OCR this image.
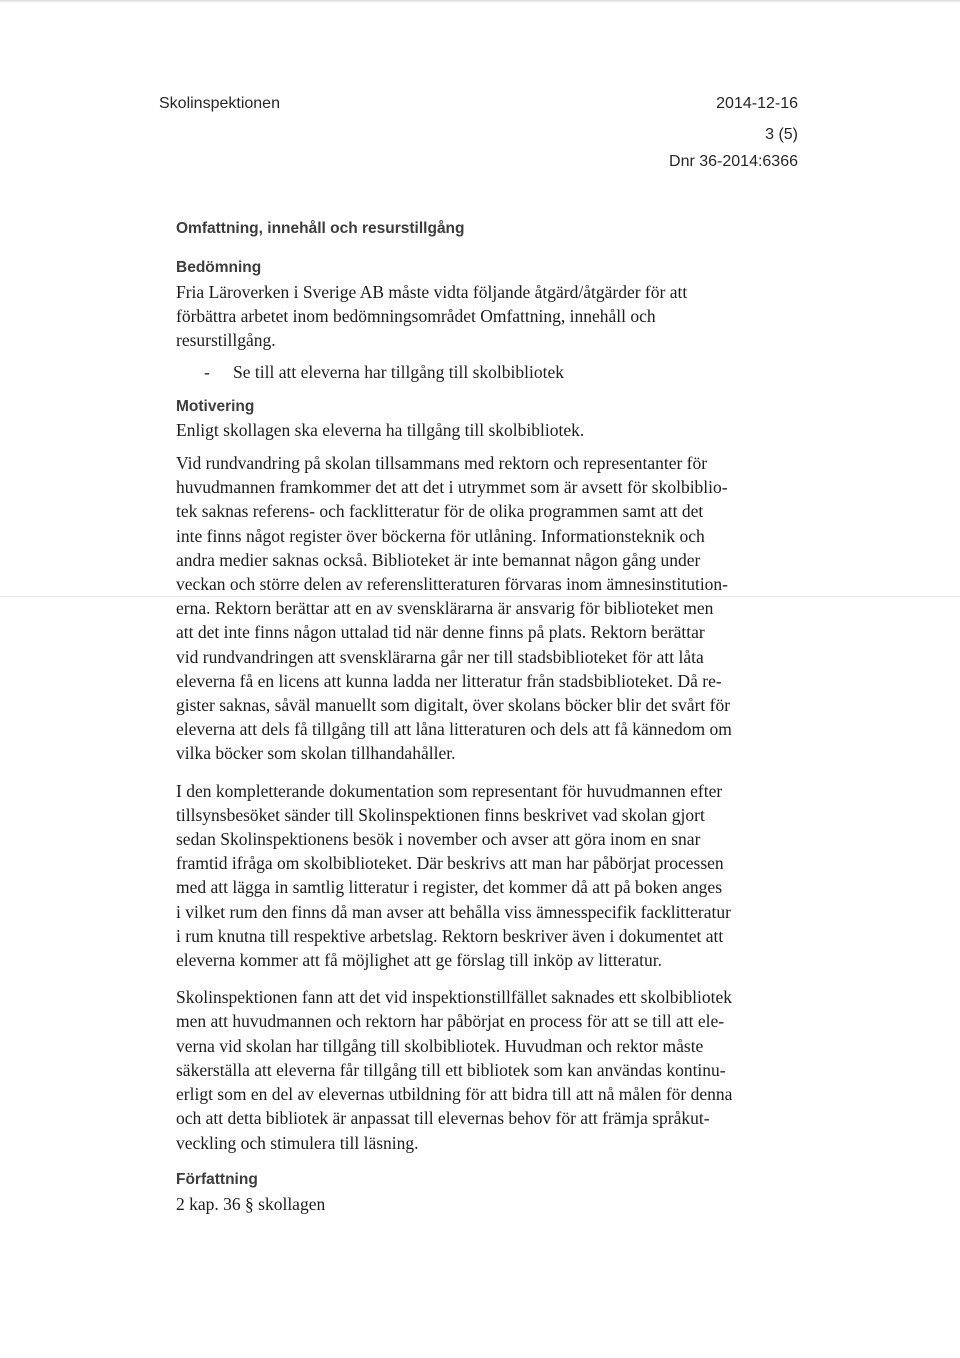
Skolinspektionen	2014-12-16
3 (5)
Dnr 36-2014:6366
Omfattning, innehåll och resurstillgång
Bedömning

Fria Läroverken i Sverige AB måste vidta följande åtgärd/åtgärder för att

förbättra arbetet inom bedömningsområdet Omfattning, innehåll och

resurstillgång.

- Se till att eleverna har tillgång till skolbibliotek

Motivering

Enligt skollagen ska eleverna ha tillgång till skolbibliotek.

Vid rundvandring på skolan tillsammans med rektorn och representanter för

huvudmannen framkommer det att det i utrymmet som är avsett för skolbiblio-

tek saknas referens- och facklitteratur för de olika programmen samt att det

inte finns något register över böckerna för utlåning. Informationsteknik och

andra medier saknas också. Biblioteket är inte bemannat någon gång under

veckan och större delen av referenslitteraturen förvaras inom ämnesinstitution-

erna. Rektorn berättar att en av svensklärarna är ansvarig för biblioteket men

att det inte finns någon uttalad tid när denne finns på plats. Rektorn berättar

vid rundvandringen att svensklärarna går ner till stadsbiblioteket för att låta

eleverna få en licens att kunna ladda ner litteratur från stadsbiblioteket. Då re-

gister saknas, såväl manuellt som digitalt, över skolans böcker blir det svårt för

eleverna att dels få tillgång till att låna litteraturen och dels att få kännedom om

vilka böcker som skolan tillhandahåller.

I den kompletterande dokumentation som representant för huvudmannen efter

tillsynsbesöket sänder till Skolinspektionen finns beskrivet vad skolan gjort

sedan Skolinspektionens besök i november och avser att göra inom en snar

framtid ifråga om skolbiblioteket. Där beskrivs att man har påbörjat processen

med att lägga in samtlig litteratur i register, det kommer då att på boken anges

i vilket rum den finns då man avser att behålla viss ämnesspecifik facklitteratur

i rum knutna till respektive arbetslag. Rektorn beskriver även i dokumentet att

eleverna kommer att få möjlighet att ge förslag till inköp av litteratur.

Skolinspektionen fann att det vid inspektionstillfället saknades ett skolbibliotek

men att huvudmannen och rektorn har påbörjat en process för att se till att ele-

verna vid skolan har tillgång till skolbibliotek. Huvudman och rektor måste

säkerställa att eleverna får tillgång till ett bibliotek som kan användas kontinu-

erligt som en del av elevernas utbildning för att bidra till att nå målen för denna

och att detta bibliotek är anpassat till elevernas behov för att främja språkut-

veckling och stimulera till läsning.

Författning

2 kap. 36 § skollagen
